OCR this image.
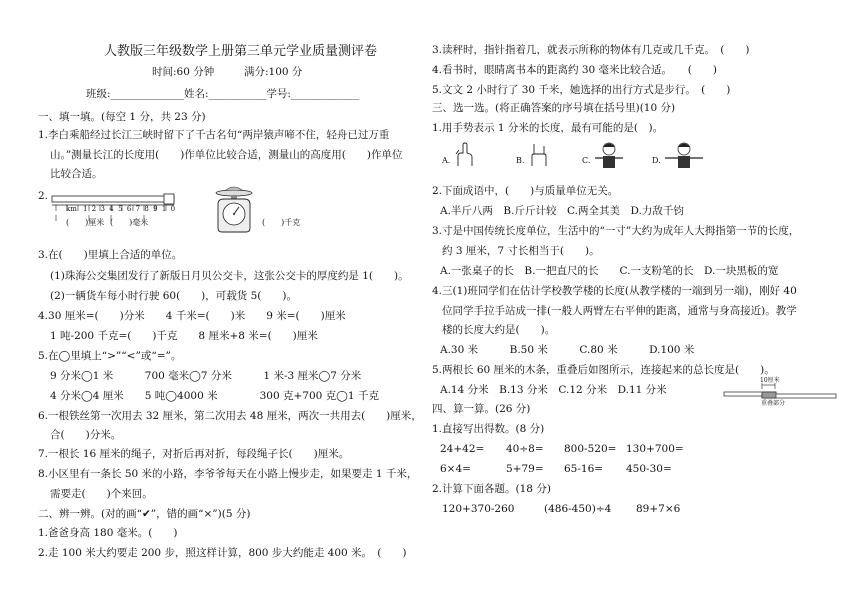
人教版三年级数学上册第三单元学业质量测评卷
时间:60 分钟	满分:100 分
班级:______________姓名:___________学号:_____________
一、填一填。(每空 1 分，共 23 分)
1.李白乘船经过长江三峡时留下了千古名句“两岸猿声啼不住，轻舟已过万重
山。”测量长江的长度用(　　)作单位比较合适，测量山的高度用(　　)作单位
比较合适。
2.
km 12345678910
(　　)厘米 (　　)毫米	(　　)千克
3.在(　　)里填上合适的单位。
(1)珠海公交集团发行了新版日月贝公交卡，这张公交卡的厚度约是 1(　　)。
(2)一辆货车每小时行驶 60(　　)，可载货 5(　　)。
4.30 厘米=(　　)分米　　4 千米=(　　)米　　9 米=(　　)厘米
1 吨-200 千克=(　　)千克　　8 厘米+8 米=(　　)厘米
5.在◯里填上“>”“<”或“=”。
9 分米◯1 米　　　700 毫米◯7 分米　　　1 米-3 厘米◯7 分米
4 分米◯4 厘米　　5 吨◯4000 米　　　　300 克+700 克◯1 千克
6.一根铁丝第一次用去 32 厘米，第二次用去 48 厘米，两次一共用去(　　)厘米，
合(　　)分米。
7.一根长 16 厘米的绳子，对折后再对折，每段绳子长(　　)厘米。
8.小区里有一条长 50 米的小路，李爷爷每天在小路上慢步走，如果要走 1 千米，
需要走(　　)个来回。
二、辨一辨。(对的画“✔”，错的画“×”)(5 分)
1.爸爸身高 180 毫米。(　　)
2.走 100 米大约要走 200 步，照这样计算，800 步大约能走 400 米。　(　　)
3.读秤时，指针指着几，就表示所称的物体有几克或几千克。　(　　)
4.看书时，眼睛离书本的距离约 30 毫米比较合适。　　(　　)
5.文文 2 小时行了 30 千米，她选择的出行方式是步行。　(　　)
三、选一选。(将正确答案的序号填在括号里)(10 分)
1.用手势表示 1 分米的长度，最有可能的是(　)。
A.	B.	C.	D.
2.下面成语中，(　　)与质量单位无关。
A.半斤八两　B.斤斤计较　C.两全其美　D.力敌千钧
3.寸是中国传统长度单位，生活中的“一寸”大约为成年人大拇指第一节的长度，
约 3 厘米，7 寸长相当于(　　)。
A.一张桌子的长　B.一把直尺的长　　C.一支粉笔的长　D.一块黑板的宽
4.三(1)班同学们在估计学校教学楼的长度(从教学楼的一端到另一端)，刚好 40
位同学手拉手站成一排(一般人两臂左右平伸的距离，通常与身高接近)。教学
楼的长度大约是(　　)。
A.30 米　　　B.50 米　　　C.80 米　　　D.100 米
5.两根长 60 厘米的木条，重叠后如图所示，连接起来的总长度是(　　)。
A.14 分米　B.13 分米　C.12 分米　D.11 分米
10厘米
重叠部分
四、算一算。(26 分)
1.直接写出得数。(8 分)
24+42= 40÷8= 800-520= 130+700=
6×4=	5+79= 65-16= 450-30=
2.计算下面各题。(18 分)
120+370-260	(486-450)÷4 89+7×6
